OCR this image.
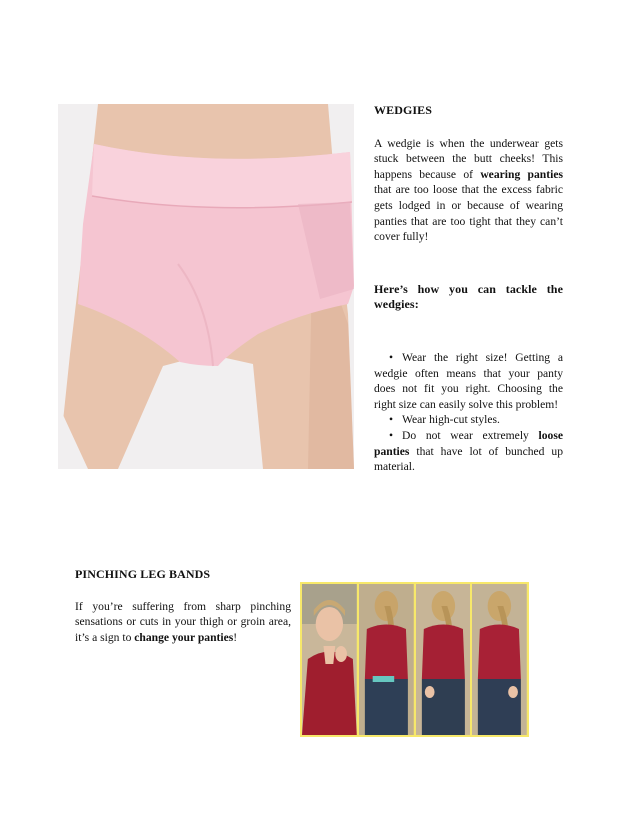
WEDGIES

A wedgie is when the underwear gets stuck between the butt cheeks! This happens because of wearing panties that are too loose that the excess fabric gets lodged in or because of wearing panties that are too tight that they can’t cover fully!

Here’s how you can tackle the wedgies:

• Wear the right size! Getting a wedgie often means that your panty does not fit you right. Choosing the right size can easily solve this problem!

• Wear high-cut styles.

• Do not wear extremely loose panties that have lot of bunched up material.

PINCHING LEG BANDS

If you’re suffering from sharp pinching sensations or cuts in your thigh or groin area, it’s a sign to change your panties!
